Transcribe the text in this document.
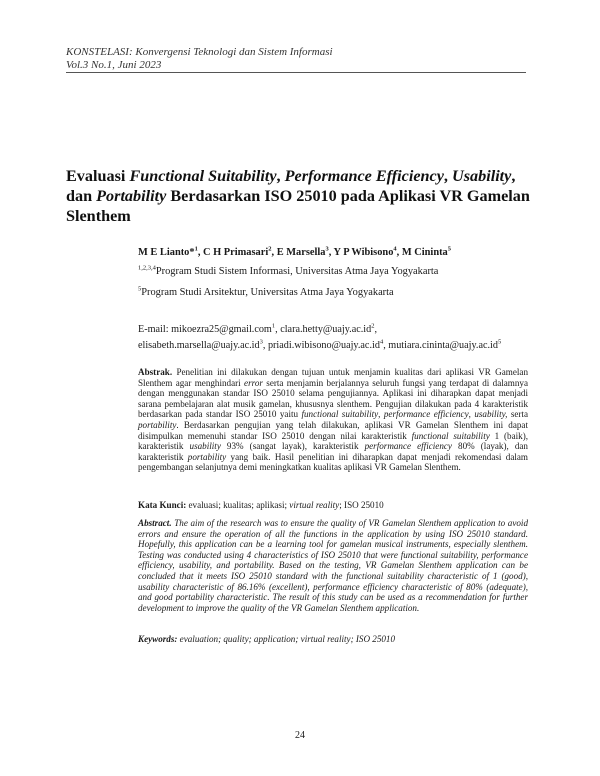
KONSTELASI: Konvergensi Teknologi dan Sistem Informasi
Vol.3 No.1, Juni 2023
Evaluasi Functional Suitability, Performance Efficiency, Usability, dan Portability Berdasarkan ISO 25010 pada Aplikasi VR Gamelan Slenthem
M E Lianto*$^1$, C H Primasari$^2$, E Marsella$^3$, Y P Wibisono$^4$, M Cininta$^5$
$^{1,2,3,4}$Program Studi Sistem Informasi, Universitas Atma Jaya Yogyakarta
$^5$Program Studi Arsitektur, Universitas Atma Jaya Yogyakarta
E-mail: mikoezra25@gmail.com$^1$, $clara.hetty@uajy.ac.id^2$,
$elisabeth.marsella@uajy.ac.id^3$, $priadi.wibisono@uajy.ac.id^4$, $mutiara.cininta@uajy.ac.id^5$
Abstrak. Penelitian ini dilakukan dengan tujuan untuk menjamin kualitas dari aplikasi VR Gamelan Slenthem agar menghindari error serta menjamin berjalannya seluruh fungsi yang terdapat di dalamnya dengan menggunakan standar ISO 25010 selama pengujiannya. Aplikasi ini diharapkan dapat menjadi sarana pembelajaran alat musik gamelan, khususnya slenthem. Pengujian dilakukan pada 4 karakteristik berdasarkan pada standar ISO 25010 yaitu functional suitability, performance efficiency, usability, serta portability. Berdasarkan pengujian yang telah dilakukan, aplikasi VR Gamelan Slenthem ini dapat disimpulkan memenuhi standar ISO 25010 dengan nilai karakteristik functional suitability 1 (baik), karakteristik usability 93% (sangat layak), karakteristik performance efficiency 80% (layak), dan karakteristik portability yang baik. Hasil penelitian ini diharapkan dapat menjadi rekomendasi dalam pengembangan selanjutnya demi meningkatkan kualitas aplikasi VR Gamelan Slenthem.
Kata Kunci: evaluasi; kualitas; aplikasi; virtual reality; ISO 25010
Abstract. The aim of the research was to ensure the quality of VR Gamelan Slenthem application to avoid errors and ensure the operation of all the functions in the application by using ISO 25010 standard. Hopefully, this application can be a learning tool for gamelan musical instruments, especially slenthem. Testing was conducted using 4 characteristics of ISO 25010 that were functional suitability, performance efficiency, usability, and portability. Based on the testing, VR Gamelan Slenthem application can be concluded that it meets ISO 25010 standard with the functional suitability characteristic of 1 (good), usability characteristic of 86.16% (excellent), performance efficiency characteristic of 80% (adequate), and good portability characteristic. The result of this study can be used as a recommendation for further development to improve the quality of the VR Gamelan Slenthem application.
Keywords: evaluation; quality; application; virtual reality; ISO 25010
24
